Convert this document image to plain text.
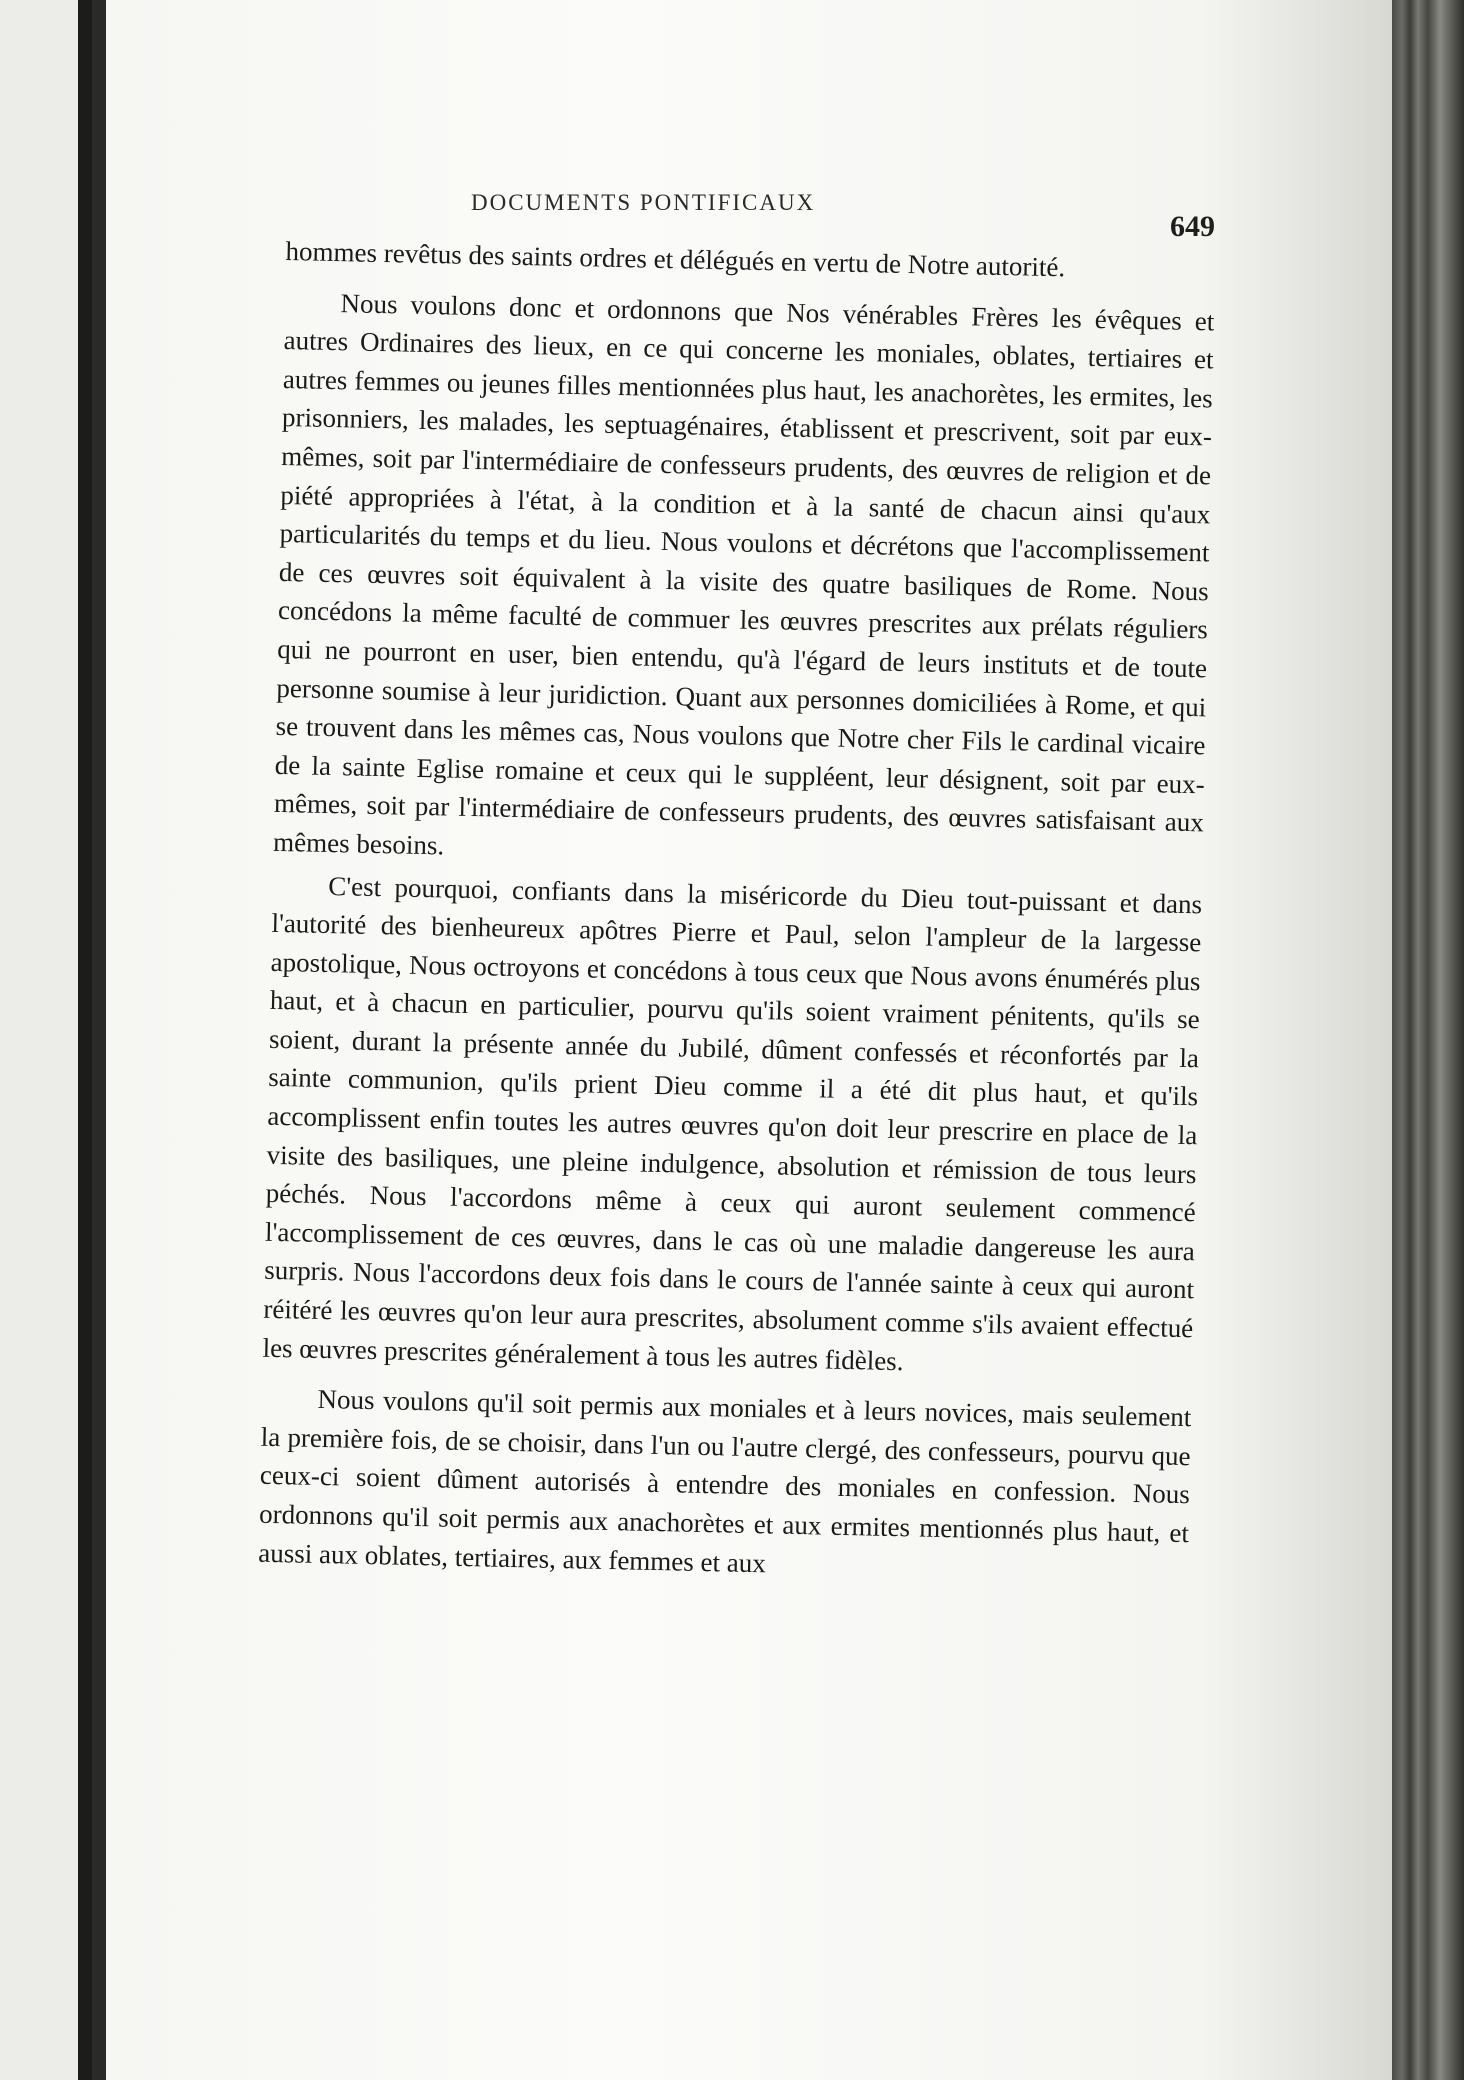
DOCUMENTS PONTIFICAUX
649

hommes revêtus des saints ordres et délégués en vertu de Notre autorité.

Nous voulons donc et ordonnons que Nos vénérables Frères les évêques et autres Ordinaires des lieux, en ce qui concerne les moniales, oblates, tertiaires et autres femmes ou jeunes filles mentionnées plus haut, les anachorètes, les ermites, les prisonniers, les malades, les septuagénaires, établissent et prescrivent, soit par eux-mêmes, soit par l'intermédiaire de confesseurs prudents, des œuvres de religion et de piété appropriées à l'état, à la condition et à la santé de chacun ainsi qu'aux particularités du temps et du lieu. Nous voulons et décrétons que l'accomplissement de ces œuvres soit équivalent à la visite des quatre basiliques de Rome. Nous concédons la même faculté de commuer les œuvres prescrites aux prélats réguliers qui ne pourront en user, bien entendu, qu'à l'égard de leurs instituts et de toute personne soumise à leur juridiction. Quant aux personnes domiciliées à Rome, et qui se trouvent dans les mêmes cas, Nous voulons que Notre cher Fils le cardinal vicaire de la sainte Eglise romaine et ceux qui le suppléent, leur désignent, soit par eux-mêmes, soit par l'intermédiaire de confesseurs prudents, des œuvres satisfaisant aux mêmes besoins.

C'est pourquoi, confiants dans la miséricorde du Dieu tout-puissant et dans l'autorité des bienheureux apôtres Pierre et Paul, selon l'ampleur de la largesse apostolique, Nous octroyons et concédons à tous ceux que Nous avons énumérés plus haut, et à chacun en particulier, pourvu qu'ils soient vraiment pénitents, qu'ils se soient, durant la présente année du Jubilé, dûment confessés et réconfortés par la sainte communion, qu'ils prient Dieu comme il a été dit plus haut, et qu'ils accomplissent enfin toutes les autres œuvres qu'on doit leur prescrire en place de la visite des basiliques, une pleine indulgence, absolution et rémission de tous leurs péchés. Nous l'accordons même à ceux qui auront seulement commencé l'accomplissement de ces œuvres, dans le cas où une maladie dangereuse les aura surpris. Nous l'accordons deux fois dans le cours de l'année sainte à ceux qui auront réitéré les œuvres qu'on leur aura prescrites, absolument comme s'ils avaient effectué les œuvres prescrites généralement à tous les autres fidèles.

Nous voulons qu'il soit permis aux moniales et à leurs novices, mais seulement la première fois, de se choisir, dans l'un ou l'autre clergé, des confesseurs, pourvu que ceux-ci soient dûment autorisés à entendre des moniales en confession. Nous ordonnons qu'il soit permis aux anachorètes et aux ermites mentionnés plus haut, et aussi aux oblates, tertiaires, aux femmes et aux
